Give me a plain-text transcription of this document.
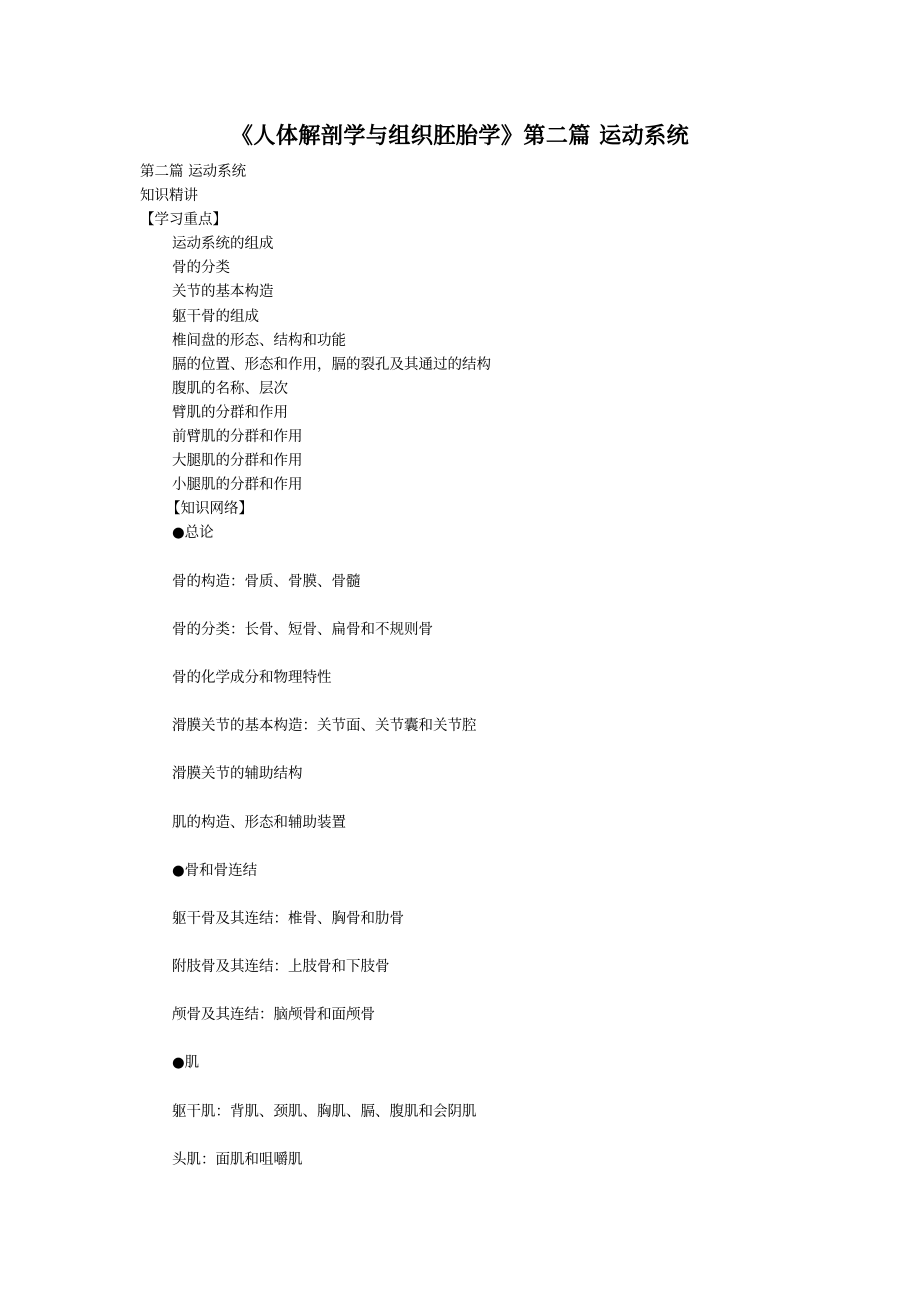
《人体解剖学与组织胚胎学》第二篇 运动系统
第二篇 运动系统
知识精讲
【学习重点】
运动系统的组成
骨的分类
关节的基本构造
躯干骨的组成
椎间盘的形态、结构和功能
膈的位置、形态和作用，膈的裂孔及其通过的结构
腹肌的名称、层次
臂肌的分群和作用
前臂肌的分群和作用
大腿肌的分群和作用
小腿肌的分群和作用
【知识网络】
●总论
骨的构造：骨质、骨膜、骨髓
骨的分类：长骨、短骨、扁骨和不规则骨
骨的化学成分和物理特性
滑膜关节的基本构造：关节面、关节囊和关节腔
滑膜关节的辅助结构
肌的构造、形态和辅助装置
●骨和骨连结
躯干骨及其连结：椎骨、胸骨和肋骨
附肢骨及其连结：上肢骨和下肢骨
颅骨及其连结：脑颅骨和面颅骨
●肌
躯干肌：背肌、颈肌、胸肌、膈、腹肌和会阴肌
头肌：面肌和咀嚼肌
